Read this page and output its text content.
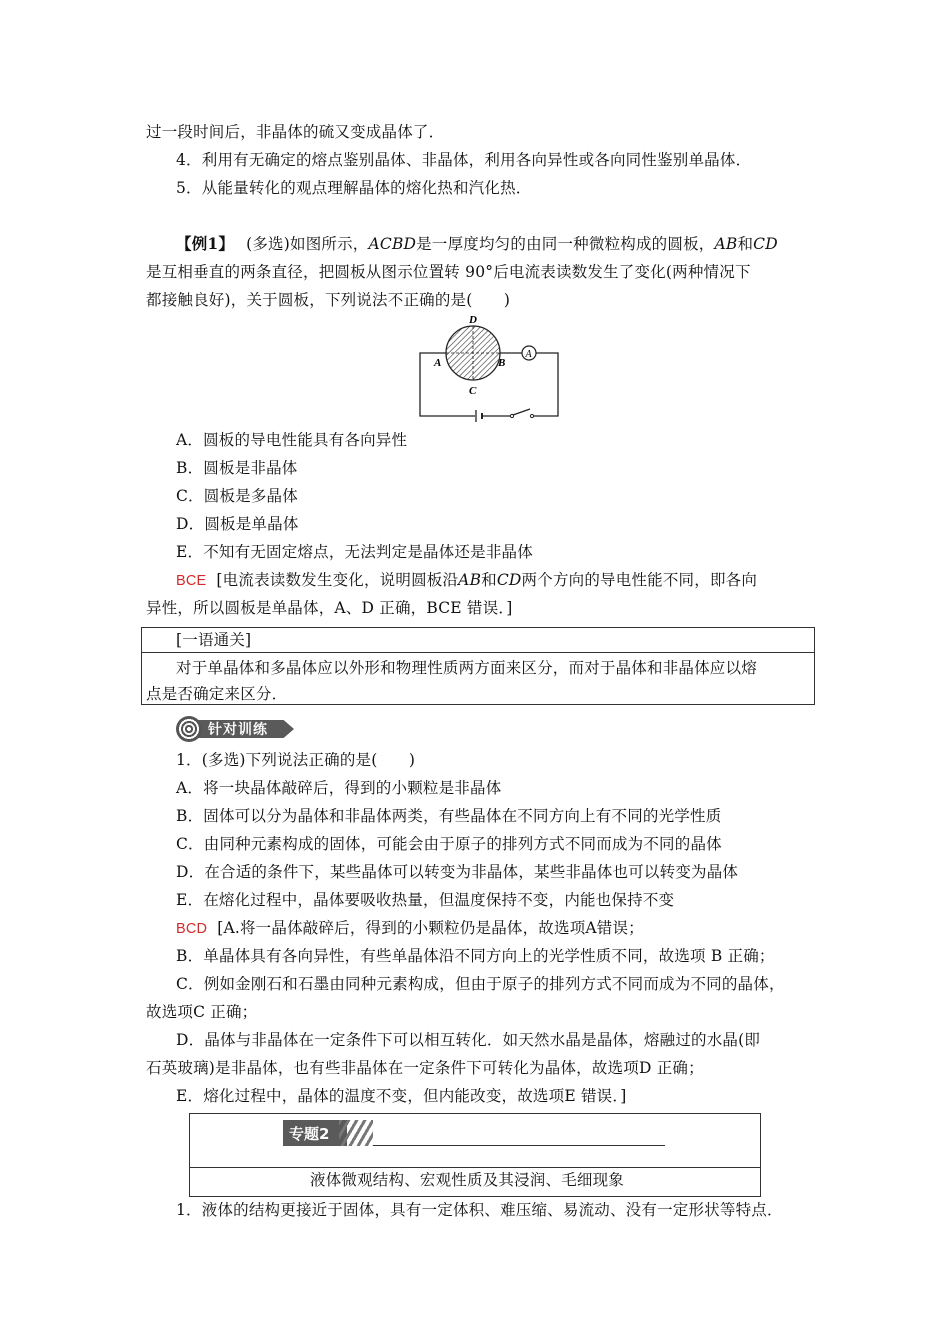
过一段时间后，非晶体的硫又变成晶体了．
4．利用有无确定的熔点鉴别晶体、非晶体，利用各向异性或各向同性鉴别单晶体．
5．从能量转化的观点理解晶体的熔化热和汽化热．
【例1】 (多选)如图所示，ACBD是一厚度均匀的由同一种微粒构成的圆板，AB和CD
是互相垂直的两条直径，把圆板从图示位置转 90°后电流表读数发生了变化(两种情况下
都接触良好)，关于圆板，下列说法不正确的是(　　)
A
D
A	B
C
A．圆板的导电性能具有各向异性
B．圆板是非晶体
C．圆板是多晶体
D．圆板是单晶体
E．不知有无固定熔点，无法判定是晶体还是非晶体
BCE [电流表读数发生变化，说明圆板沿AB和CD两个方向的导电性能不同，即各向
异性，所以圆板是单晶体，A、D 正确，BCE 错误．]
[一语通关]
对于单晶体和多晶体应以外形和物理性质两方面来区分，而对于晶体和非晶体应以熔
点是否确定来区分．
针对训练
1．(多选)下列说法正确的是(　　)
A．将一块晶体敲碎后，得到的小颗粒是非晶体
B．固体可以分为晶体和非晶体两类，有些晶体在不同方向上有不同的光学性质
C．由同种元素构成的固体，可能会由于原子的排列方式不同而成为不同的晶体
D．在合适的条件下，某些晶体可以转变为非晶体，某些非晶体也可以转变为晶体
E．在熔化过程中，晶体要吸收热量，但温度保持不变，内能也保持不变
BCD [A.将一晶体敲碎后，得到的小颗粒仍是晶体，故选项A错误；
B．单晶体具有各向异性，有些单晶体沿不同方向上的光学性质不同，故选项 B 正确；
C．例如金刚石和石墨由同种元素构成，但由于原子的排列方式不同而成为不同的晶体，
故选项C 正确；
D．晶体与非晶体在一定条件下可以相互转化．如天然水晶是晶体，熔融过的水晶(即
石英玻璃)是非晶体，也有些非晶体在一定条件下可转化为晶体，故选项D 正确；
E．熔化过程中，晶体的温度不变，但内能改变，故选项E 错误．]
专题2
液体微观结构、宏观性质及其浸润、毛细现象
1．液体的结构更接近于固体，具有一定体积、难压缩、易流动、没有一定形状等特点．
